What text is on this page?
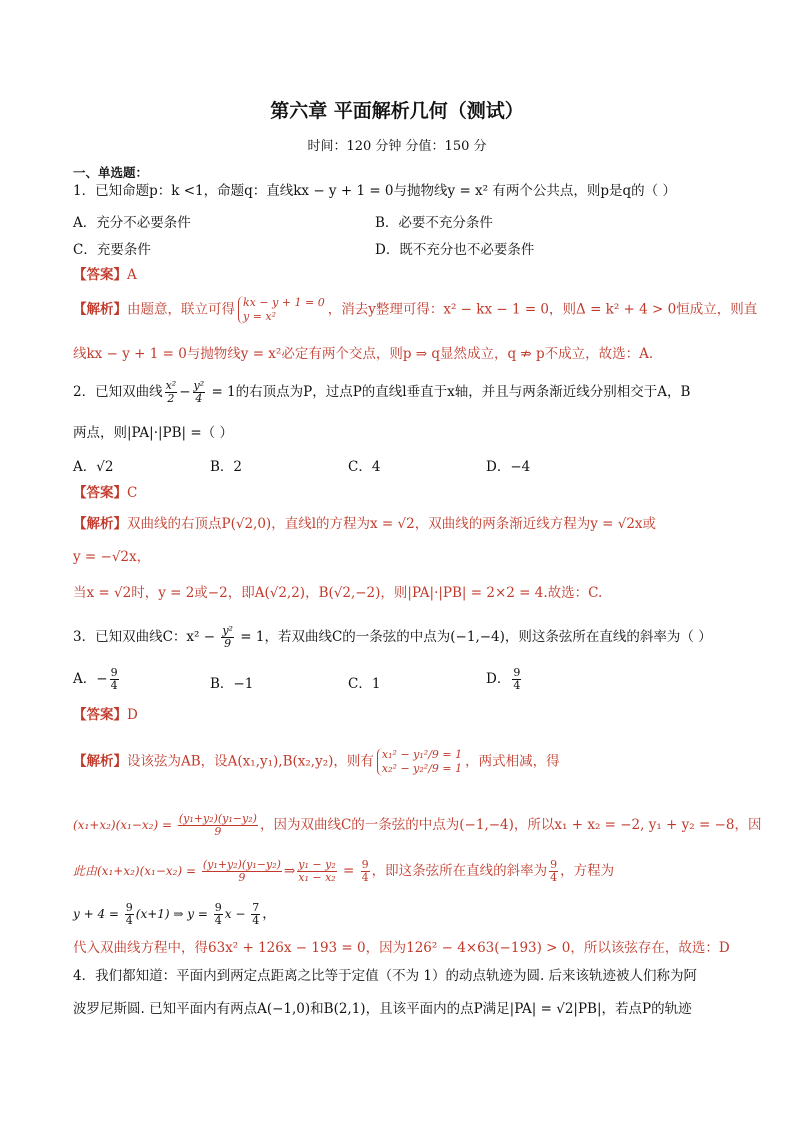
第六章 平面解析几何（测试）
时间：120 分钟 分值：150 分
一、单选题：
1．已知命题p：k <1，命题q：直线kx − y + 1 = 0与抛物线y = x² 有两个公共点，则p是q的（ ）
A．充分不必要条件	B．必要不充分条件
C．充要条件	D．既不充分也不必要条件
【答案】A
【解析】由题意，联立可得 kx − y + 1 = 0
y = x²	，消去y整理可得：x² − kx − 1 = 0，则Δ = k² + 4 > 0恒成立，则直
线kx − y + 1 = 0与抛物线y = x²必定有两个交点，则p ⇒ q显然成立，q ⇏ p不成立，故选：A.
2．已知双曲线 $\frac{\text{x²}}{2} - \frac{\text{y²}}{4} = 1$的右顶点为P，过点P的直线l垂直于x轴，并且与两条渐近线分别相交于A，B
两点，则|PA|·|PB| =（ ）
A．√2	B．2	C．4	D．−4
【答案】C
【解析】双曲线的右顶点P(√2,0)，直线l的方程为x = √2，双曲线的两条渐近线方程为y = √2x或
y = −√2x，
当x = √2时，y = 2或−2，即A(√2,2)，B(√2,−2)，则|PA|·|PB| = 2×2 = 4.故选：C.
3．已知双曲线C：$x^2 - \frac{\text{y²}}{9} = 1$，若双曲线C的一条弦的中点为(−1,−4)，则这条弦所在直线的斜率为（ ）
A．− $\frac{9}{4}$	B．−1	C．1	D． $\frac{9}{4}$
【答案】D
【解析】设该弦为AB，设A(x₁,y₁),B(x₂,y₂)，则有 x₁² − y₁²/9 = 1
x₂² − y₂²/9 = 1 ，两式相减，得
$(x_1+x_2)(x_1-x_2) = \frac{\text{(y₁+y₂)(y₁−y₂)}}{9}$ ，因为双曲线C的一条弦的中点为(−1,−4)，所以x₁ + x₂ = −2, y₁ + y₂ = −8，因
此由$(x_1+x_2)(x_1-x_2) = \frac{\text{(y₁+y₂)(y₁−y₂)}}{9}$ ⇒ $\frac{\text{y₁ − y₂}}{\text{x₁ − x₂}} = \frac{9}{4}$ ，即这条弦所在直线的斜率为 $\frac{9}{4}$ ，方程为
$y + 4 = \frac{9}{4} (x+1)$ ⇒ $y = \frac{9}{4}$ $x - \frac{7}{4}$ ，
代入双曲线方程中，得63x² + 126x − 193 = 0，因为126² − 4×63(−193) > 0，所以该弦存在，故选：D
4．我们都知道：平面内到两定点距离之比等于定值（不为 1）的动点轨迹为圆. 后来该轨迹被人们称为阿
波罗尼斯圆. 已知平面内有两点A(−1,0)和B(2,1)，且该平面内的点P满足|PA| = √2|PB|，若点P的轨迹
